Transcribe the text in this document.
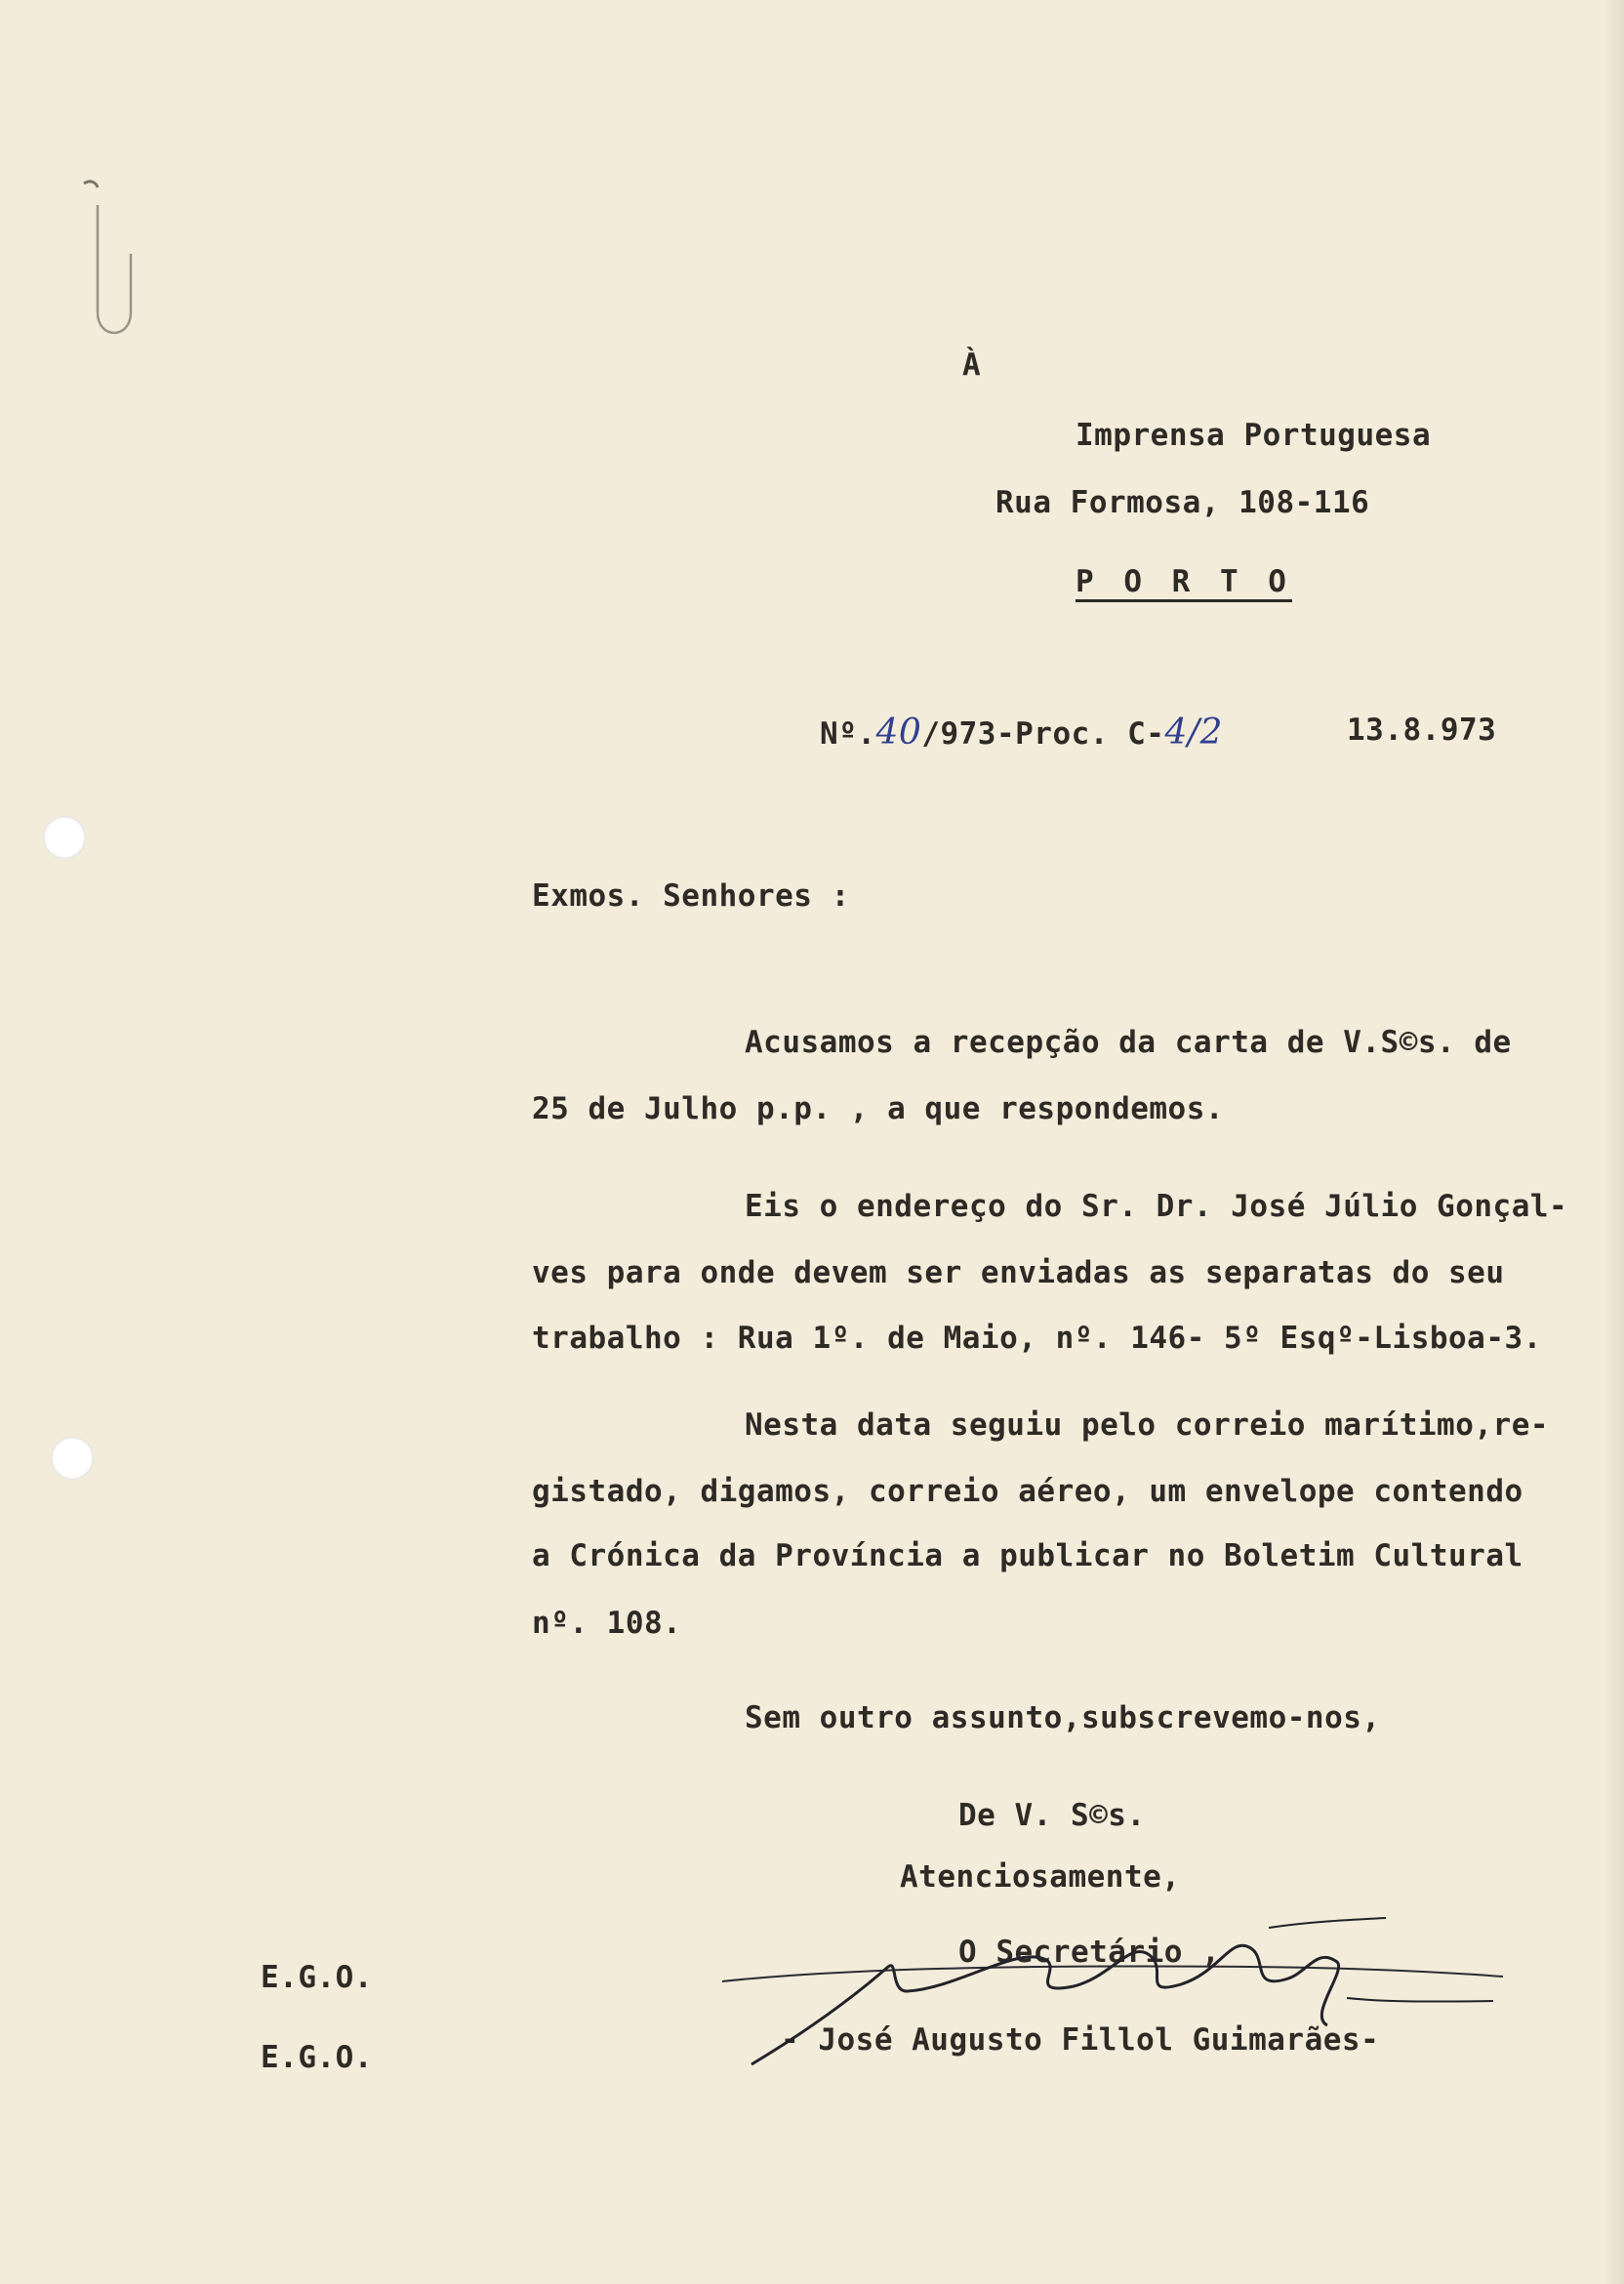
À
Imprensa Portuguesa
Rua Formosa, 108-116
P O R T O
Nº.40/973-Proc. C-4/2	13.8.973
Exmos. Senhores :
Acusamos a recepção da carta de V.S©s. de
25 de Julho p.p. , a que respondemos.
Eis o endereço do Sr. Dr. José Júlio Gonçal-
ves para onde devem ser enviadas as separatas do seu
trabalho : Rua 1º. de Maio, nº. 146- 5º Esqº-Lisboa-3.
Nesta data seguiu pelo correio marítimo,re-
gistado, digamos, correio aéreo, um envelope contendo
a Crónica da Província a publicar no Boletim Cultural
nº. 108.
Sem outro assunto,subscrevemo-nos,
De V. S©s.
Atenciosamente,
O Secretário ,
- José Augusto Fillol Guimarães-
E.G.O.
E.G.O.
